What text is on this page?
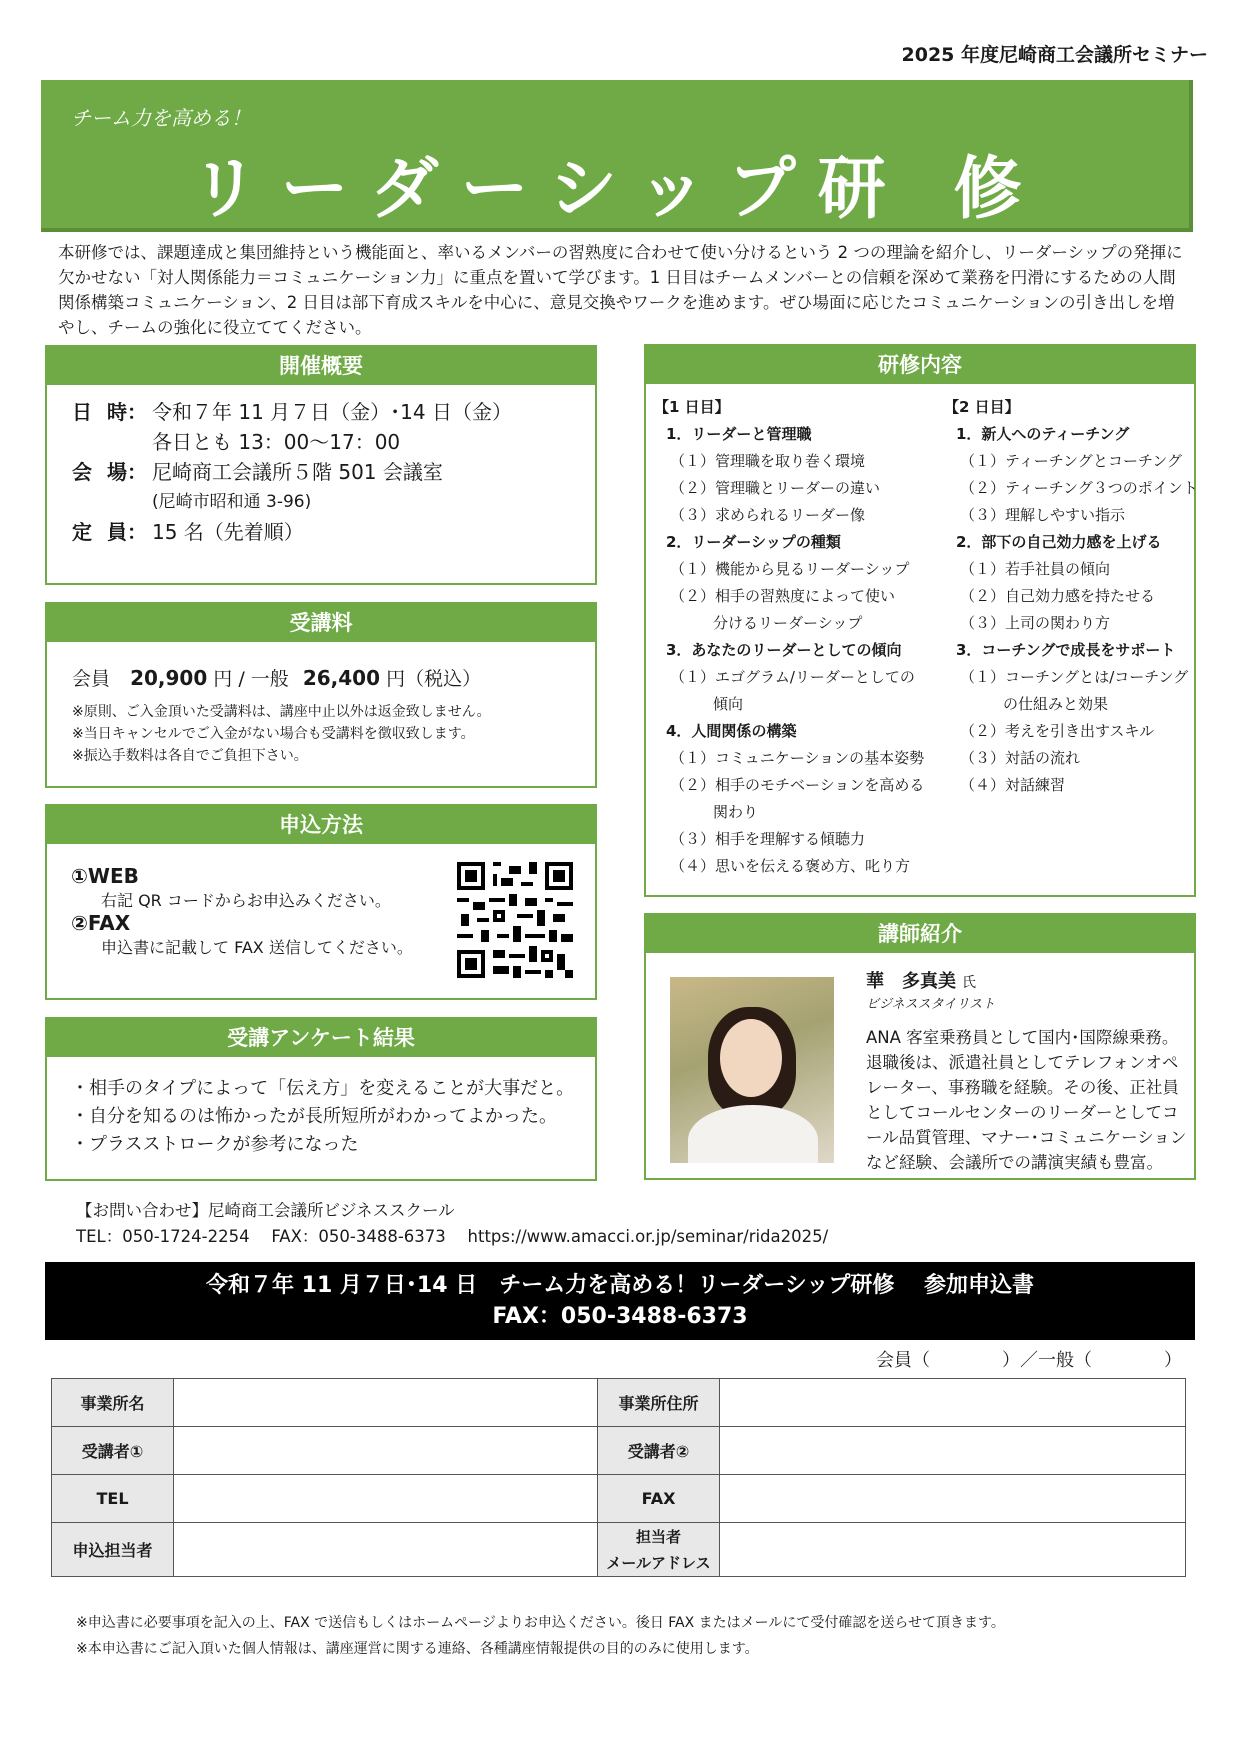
2025 年度尼崎商工会議所セミナー
チーム力を高める！
リーダーシップ研 修
本研修では、課題達成と集団維持という機能面と、率いるメンバーの習熟度に合わせて使い分けるという 2 つの理論を紹介し、リーダーシップの発揮に欠かせない「対人関係能力＝コミュニケーション力」に重点を置いて学びます。1 日目はチームメンバーとの信頼を深めて業務を円滑にするための人間関係構築コミュニケーション、2 日目は部下育成スキルを中心に、意見交換やワークを進めます。ぜひ場面に応じたコミュニケーションの引き出しを増やし、チームの強化に役立ててください。
開催概要
日 時： 令和７年 11 月７日（金）･14 日（金）
各日とも 13：00～17：00
会 場： 尼崎商工会議所５階 501 会議室
(尼崎市昭和通 3-96)
定 員： 15 名（先着順）
受講料
会員 20,900 円 / 一般 26,400 円（税込）
※原則、ご入金頂いた受講料は、講座中止以外は返金致しません。
※当日キャンセルでご入金がない場合も受講料を徴収致します。
※振込手数料は各自でご負担下さい。
申込方法
①WEB
右記 QR コードからお申込みください。
②FAX
申込書に記載して FAX 送信してください。
受講アンケート結果
・相手のタイプによって「伝え方」を変えることが大事だと。
・自分を知るのは怖かったが長所短所がわかってよかった。
・プラスストロークが参考になった
研修内容
【1 日目】
1．リーダーと管理職
（１）管理職を取り巻く環境
（２）管理職とリーダーの違い
（３）求められるリーダー像
2．リーダーシップの種類
（１）機能から見るリーダーシップ
（２）相手の習熟度によって使い
分けるリーダーシップ
3．あなたのリーダーとしての傾向
（１）エゴグラム/リーダーとしての
傾向
4．人間関係の構築
（１）コミュニケーションの基本姿勢
（２）相手のモチベーションを高める
関わり
（３）相手を理解する傾聴力
（４）思いを伝える褒め方、叱り方
【2 日目】
1．新人へのティーチング
（１）ティーチングとコーチング
（２）ティーチング３つのポイント
（３）理解しやすい指示
2．部下の自己効力感を上げる
（１）若手社員の傾向
（２）自己効力感を持たせる
（３）上司の関わり方
3．コーチングで成長をサポート
（１）コーチングとは/コーチング
の仕組みと効果
（２）考えを引き出すスキル
（３）対話の流れ
（４）対話練習
講師紹介
華　多真美 氏
ビジネススタイリスト
ANA 客室乗務員として国内･国際線乗務。退職後は、派遣社員としてテレフォンオペレーター、事務職を経験。その後、正社員としてコールセンターのリーダーとしてコール品質管理、マナー･コミュニケーションなど経験、会議所での講演実績も豊富。
【お問い合わせ】尼崎商工会議所ビジネススクール
TEL：050-1724-2254　 FAX：050-3488-6373　 https://www.amacci.or.jp/seminar/rida2025/
令和７年 11 月７日･14 日　チーム力を高める！リーダーシップ研修　 参加申込書
FAX：050-3488-6373
会員（　　　　）／一般（　　　　）
事業所名		事業所住所	
受講者①		受講者②	
TEL		FAX	
申込担当者		担当者
メールアドレス	

※申込書に必要事項を記入の上、FAX で送信もしくはホームページよりお申込ください。後日 FAX またはメールにて受付確認を送らせて頂きます。
※本申込書にご記入頂いた個人情報は、講座運営に関する連絡、各種講座情報提供の目的のみに使用します。
